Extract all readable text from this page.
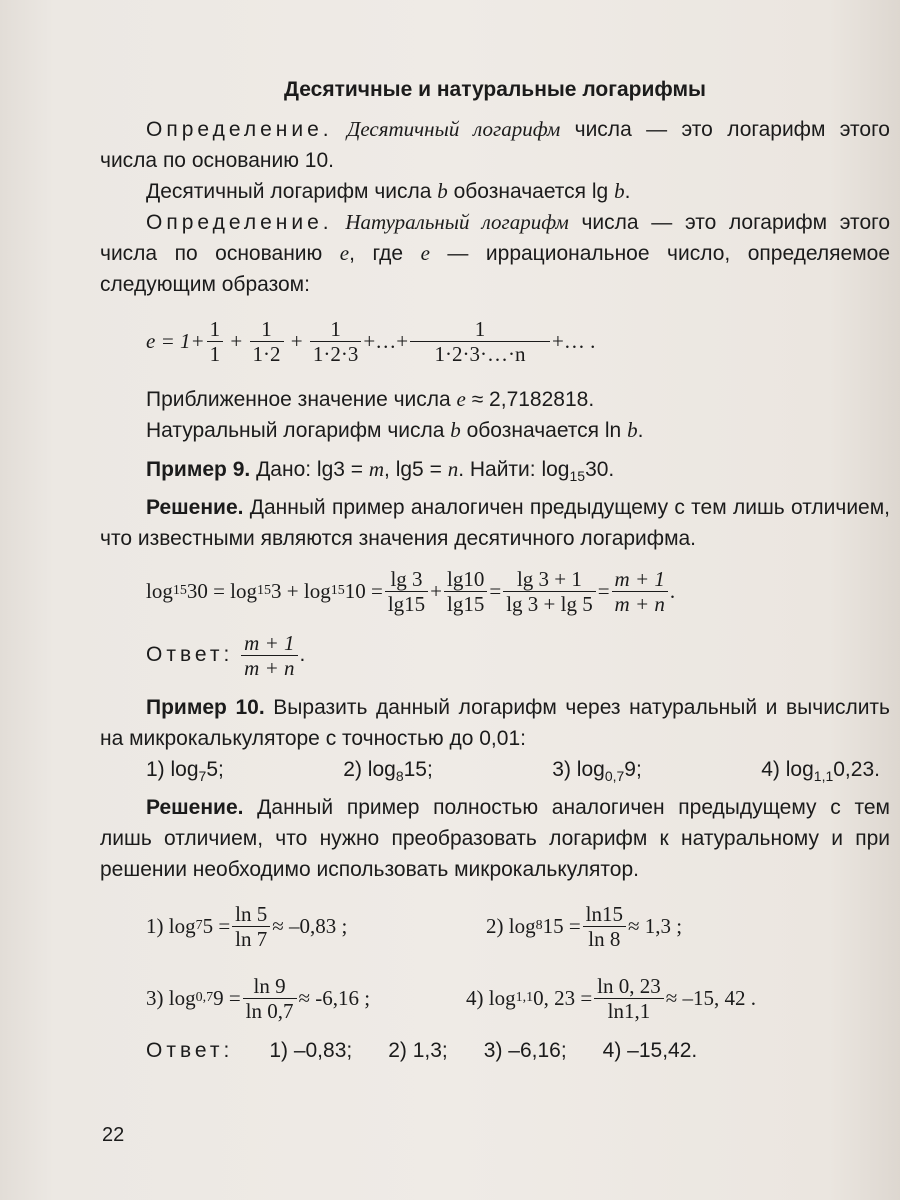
Десятичные и натуральные логарифмы

Определение. Десятичный логарифм числа — это логарифм этого числа по основанию 10.

Десятичный логарифм числа b обозначается lg b.

Определение. Натуральный логарифм числа — это логарифм этого числа по основанию e, где e — иррациональное число, определяемое следующим образом:

$e = 1+ \frac{1}{1} + \frac{1}{1\cdot 2} + \frac{1}{1\cdot 2\cdot 3}$ +…+ $\frac{1}{1\cdot 2\cdot 3\cdot\dots\cdot n}$ +… .

Приближенное значение числа e ≈ 2,7182818.

Натуральный логарифм числа b обозначается ln b.

Пример 9. Дано: lg3 = m, lg5 = n. Найти: $\log_{15}30$.

Решение. Данный пример аналогичен предыдущему с тем лишь отличием, что известными являются значения десятичного логарифма.

log 15 30 = log 15 3 + log 15 $10 = \frac{\lg 3}{\lg 15} + \frac{\lg 10}{\lg 15} = \frac{\lg 3 + 1}{\lg 3 + \lg 5} = \frac{m + 1}{m + n}$ .
Ответ:
$\frac{m + 1}{m + n}$ .

Пример 10. Выразить данный логарифм через натуральный и вычислить на микрокалькуляторе с точностью до 0,01:

1) $\log_75$;	2) $\log_815$;	3) $\log_{0,7}9$;	4) $\log_{1,1}0,23$.

Решение. Данный пример полностью аналогичен предыдущему с тем лишь отличием, что нужно преобразовать логарифм к натуральному и при решении необходимо использовать микрокалькулятор.

1) log 7 $5 = \frac{\ln 5}{\ln 7} \approx -0,83$ ;	2) log 8 $15 = \frac{\ln 15}{\ln 8} \approx 1,3$ ;
3) log 0,7 $9 = \frac{\ln 9}{\ln 0,7} \approx -6,16$ ;	4) log 1,1 0, $23 = \frac{\ln 0, 23}{\ln 1,1} \approx -15$, 42 .
Ответ: 1) –0,83; 2) 1,3; 3) –6,16; 4) –15,42.
22
